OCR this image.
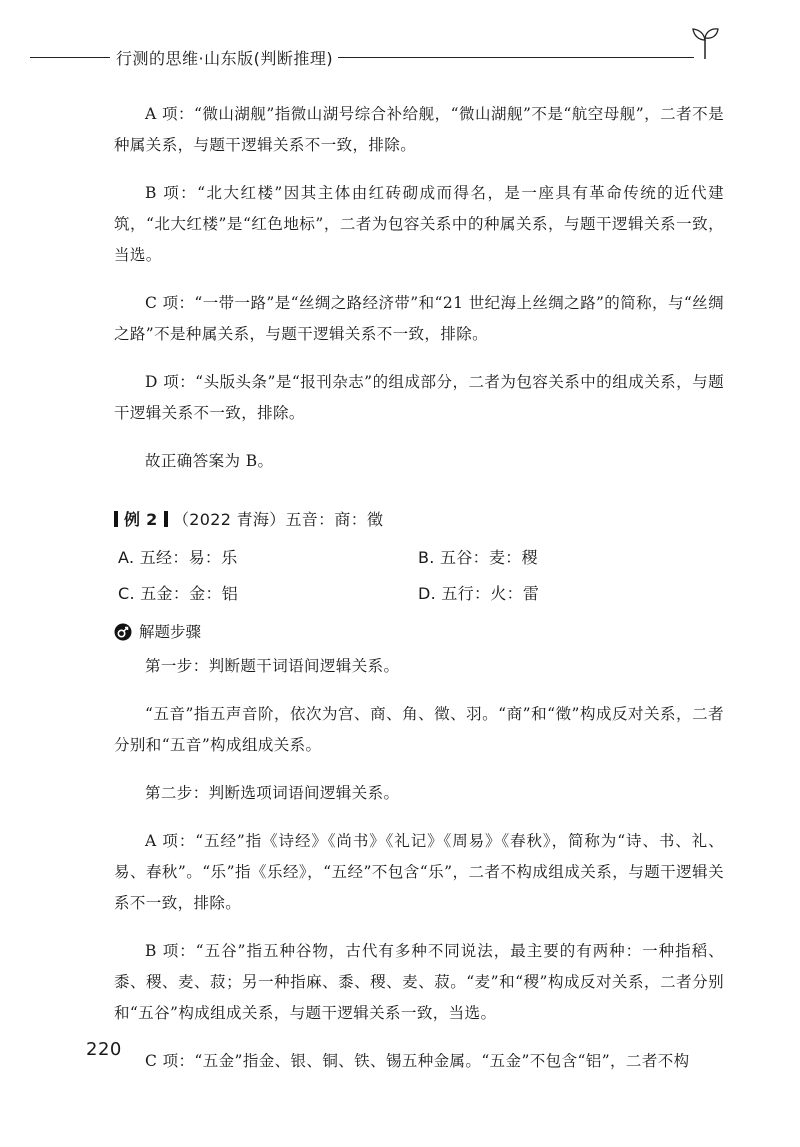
行测的思维·山东版(判断推理)

A 项：“微山湖舰”指微山湖号综合补给舰，“微山湖舰”不是“航空母舰”，二者不是种属关系，与题干逻辑关系不一致，排除。

B 项：“北大红楼”因其主体由红砖砌成而得名，是一座具有革命传统的近代建筑，“北大红楼”是“红色地标”，二者为包容关系中的种属关系，与题干逻辑关系一致，当选。

C 项：“一带一路”是“丝绸之路经济带”和“21 世纪海上丝绸之路”的简称，与“丝绸之路”不是种属关系，与题干逻辑关系不一致，排除。

D 项：“头版头条”是“报刊杂志”的组成部分，二者为包容关系中的组成关系，与题干逻辑关系不一致，排除。

故正确答案为 B。

例 2 （2022 青海）五音：商：徵
A. 五经：易：乐	B. 五谷：麦：稷
C. 五金：金：铝	D. 五行：火：雷
解题步骤

第一步：判断题干词语间逻辑关系。

“五音”指五声音阶，依次为宫、商、角、徵、羽。“商”和“徵”构成反对关系，二者分别和“五音”构成组成关系。

第二步：判断选项词语间逻辑关系。

A 项：“五经”指《诗经》《尚书》《礼记》《周易》《春秋》，简称为“诗、书、礼、易、春秋”。“乐”指《乐经》，“五经”不包含“乐”，二者不构成组成关系，与题干逻辑关系不一致，排除。

B 项：“五谷”指五种谷物，古代有多种不同说法，最主要的有两种：一种指稻、黍、稷、麦、菽；另一种指麻、黍、稷、麦、菽。“麦”和“稷”构成反对关系，二者分别和“五谷”构成组成关系，与题干逻辑关系一致，当选。

C 项：“五金”指金、银、铜、铁、锡五种金属。“五金”不包含“铝”，二者不构

220
